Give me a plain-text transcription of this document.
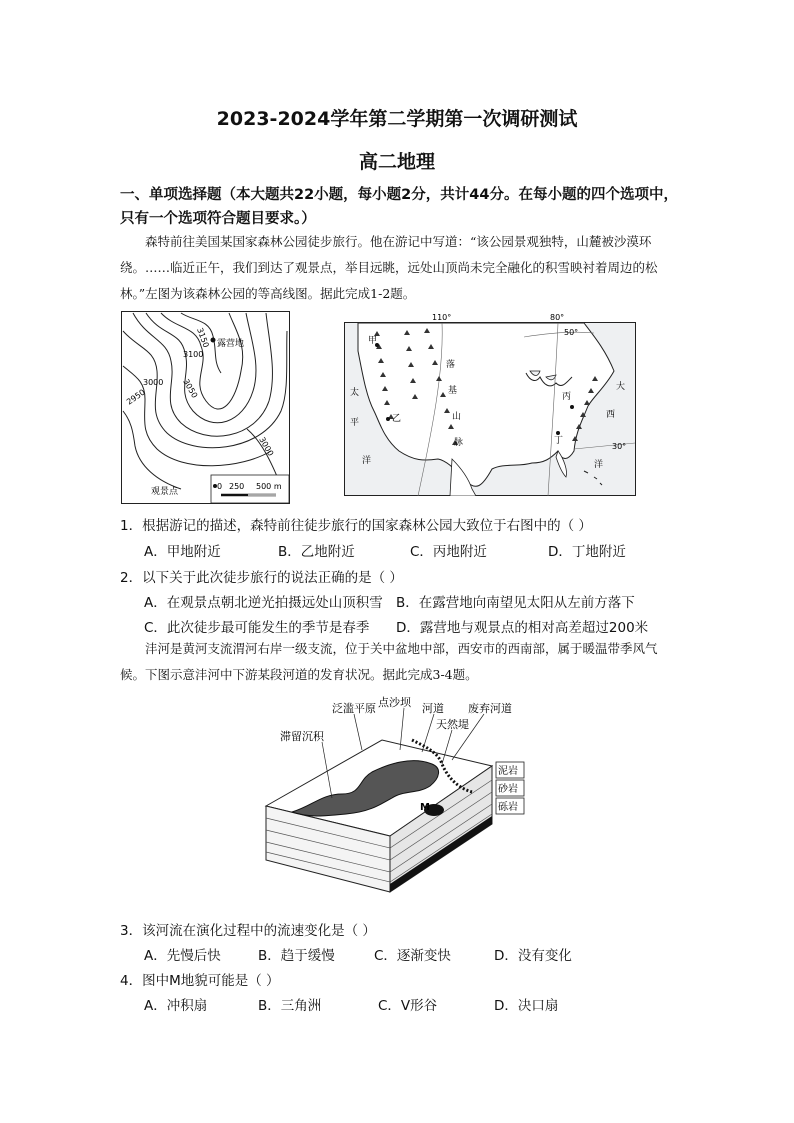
2023-2024学年第二学期第一次调研测试
高二地理
一、单项选择题（本大题共22小题，每小题2分，共计44分。在每小题的四个选项中，只有一个选项符合题目要求。）
森特前往美国某国家森林公园徒步旅行。他在游记中写道：“该公园景观独特，山麓被沙漠环绕。……临近正午，我们到达了观景点，举目远眺，远处山顶尚未完全融化的积雪映衬着周边的松林。”左图为该森林公园的等高线图。据此完成1-2题。
露营地
3150
3100
3050
3000
2950
3000
观景点
0 250 500 m
110°	80°
50°
30°
落
基
山
脉
甲
乙
丙
丁
太
平
洋
大
西
洋
1．根据游记的描述，森特前往徒步旅行的国家森林公园大致位于右图中的（ ）
A．甲地附近	B．乙地附近	C．丙地附近	D．丁地附近
2．以下关于此次徒步旅行的说法正确的是（ ）
A．在观景点朝北逆光拍摄远处山顶积雪 B．在露营地向南望见太阳从左前方落下
C．此次徒步最可能发生的季节是春季 D．露营地与观景点的相对高差超过200米
沣河是黄河支流渭河右岸一级支流，位于关中盆地中部，西安市的西南部，属于暖温带季风气候。下图示意沣河中下游某段河道的发育状况。据此完成3-4题。
M
泛滥平原 点沙坝 河道 废弃河道
天然堤
滞留沉积
泥岩
砂岩
砾岩
3．该河流在演化过程中的流速变化是（ ）
A．先慢后快	B．趋于缓慢	C．逐渐变快	D．没有变化
4．图中M地貌可能是（ ）
A．冲积扇	B．三角洲	C．V形谷	D．决口扇
